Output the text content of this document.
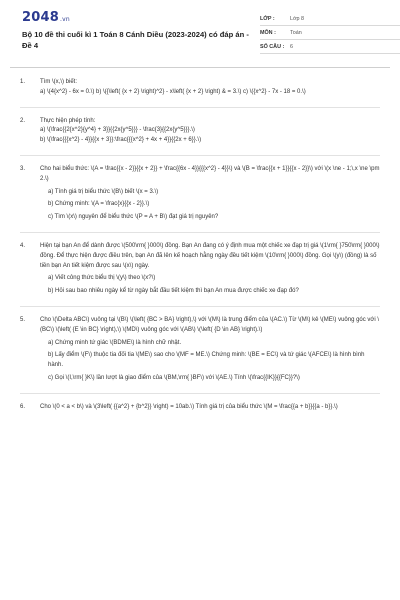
2048.vn
Bộ 10 đề thi cuối kì 1 Toán 8 Cánh Diều (2023-2024) có đáp án - Đề 4
LỚP :	Lớp 8
MÔN :	Toán
SỐ CÂU :	6
1. Tìm \(x,\) biết:
a) \(4{x^2} - 6x = 0.\) b) \({\left( {x + 2} \right)^2} - x\left( {x + 2} \right) & = 3.\) c) \({x^2} - 7x - 18 = 0.\)
2. Thực hiện phép tính:
a) \(\frac{{2{x^2}{y^4} + 3}}{{2x{y^5}}} - \frac{3}{{2x{y^5}}}.\)
b) \(\frac{{{x^2} - 4}}{{x + 3}}:\frac{{{x^2} + 4x + 4}}{{2x + 6}}.\)
3. Cho hai biểu thức: \(A = \frac{{x - 2}}{{x + 2}} + \frac{{6x - 4}}{{{x^2} - 4}}\) và \(B = \frac{{x + 1}}{{x - 2}}\) với \(x \ne - 1;\,x \ne \pm 2.\)
a) Tính giá trị biểu thức \(B\) biết \(x = 3.\)
b) Chứng minh: \(A = \frac{x}{{x - 2}}.\)
c) Tìm \(x\) nguyên để biểu thức \(P = A + B\) đạt giá trị nguyên?
4. Hiện tại bạn An để dành được \(500\rm{ }000\) đồng. Bạn An đang có ý định mua một chiếc xe đạp trị giá \(1\rm{ }750\rm{ }000\) đồng. Để thực hiện được điều trên, bạn An đã lên kế hoạch hằng ngày đều tiết kiệm \(10\rm{ }000\) đồng. Gọi \(y\) (đồng) là số tiền bạn An tiết kiệm được sau \(x\) ngày.
a) Viết công thức biểu thị \(y\) theo \(x?\)
b) Hỏi sau bao nhiêu ngày kể từ ngày bắt đầu tiết kiệm thì bạn An mua được chiếc xe đạp đó?
5. Cho \(\Delta ABC\) vuông tại \(B\) \(\left( {BC > BA} \right),\) với \(M\) là trung điểm của \(AC.\) Từ \(M\) kẻ \(ME\) vuông góc với \(BC\) \(\left( {E \in BC} \right),\) \(MD\) vuông góc với \(AB\) \(\left( {D \in AB} \right).\)
a) Chứng minh tứ giác \(BDME\) là hình chữ nhật.
b) Lấy điểm \(F\) thuộc tia đối tia \(ME\) sao cho \(MF = ME.\) Chứng minh: \(BE = EC\) và tứ giác \(AFCE\) là hình bình hành.
c) Gọi \(I,\rm{ }K\) lần lượt là giao điểm của \(BM,\rm{ }BF\) với \(AE.\) Tính \(\frac{{IK}}{{FC}}?\)
6. Cho \(0 < a < b\) và \(3\left( {{a^2} + {b^2}} \right) = 10ab.\) Tính giá trị của biểu thức \(M = \frac{{a + b}}{{a - b}}.\)
